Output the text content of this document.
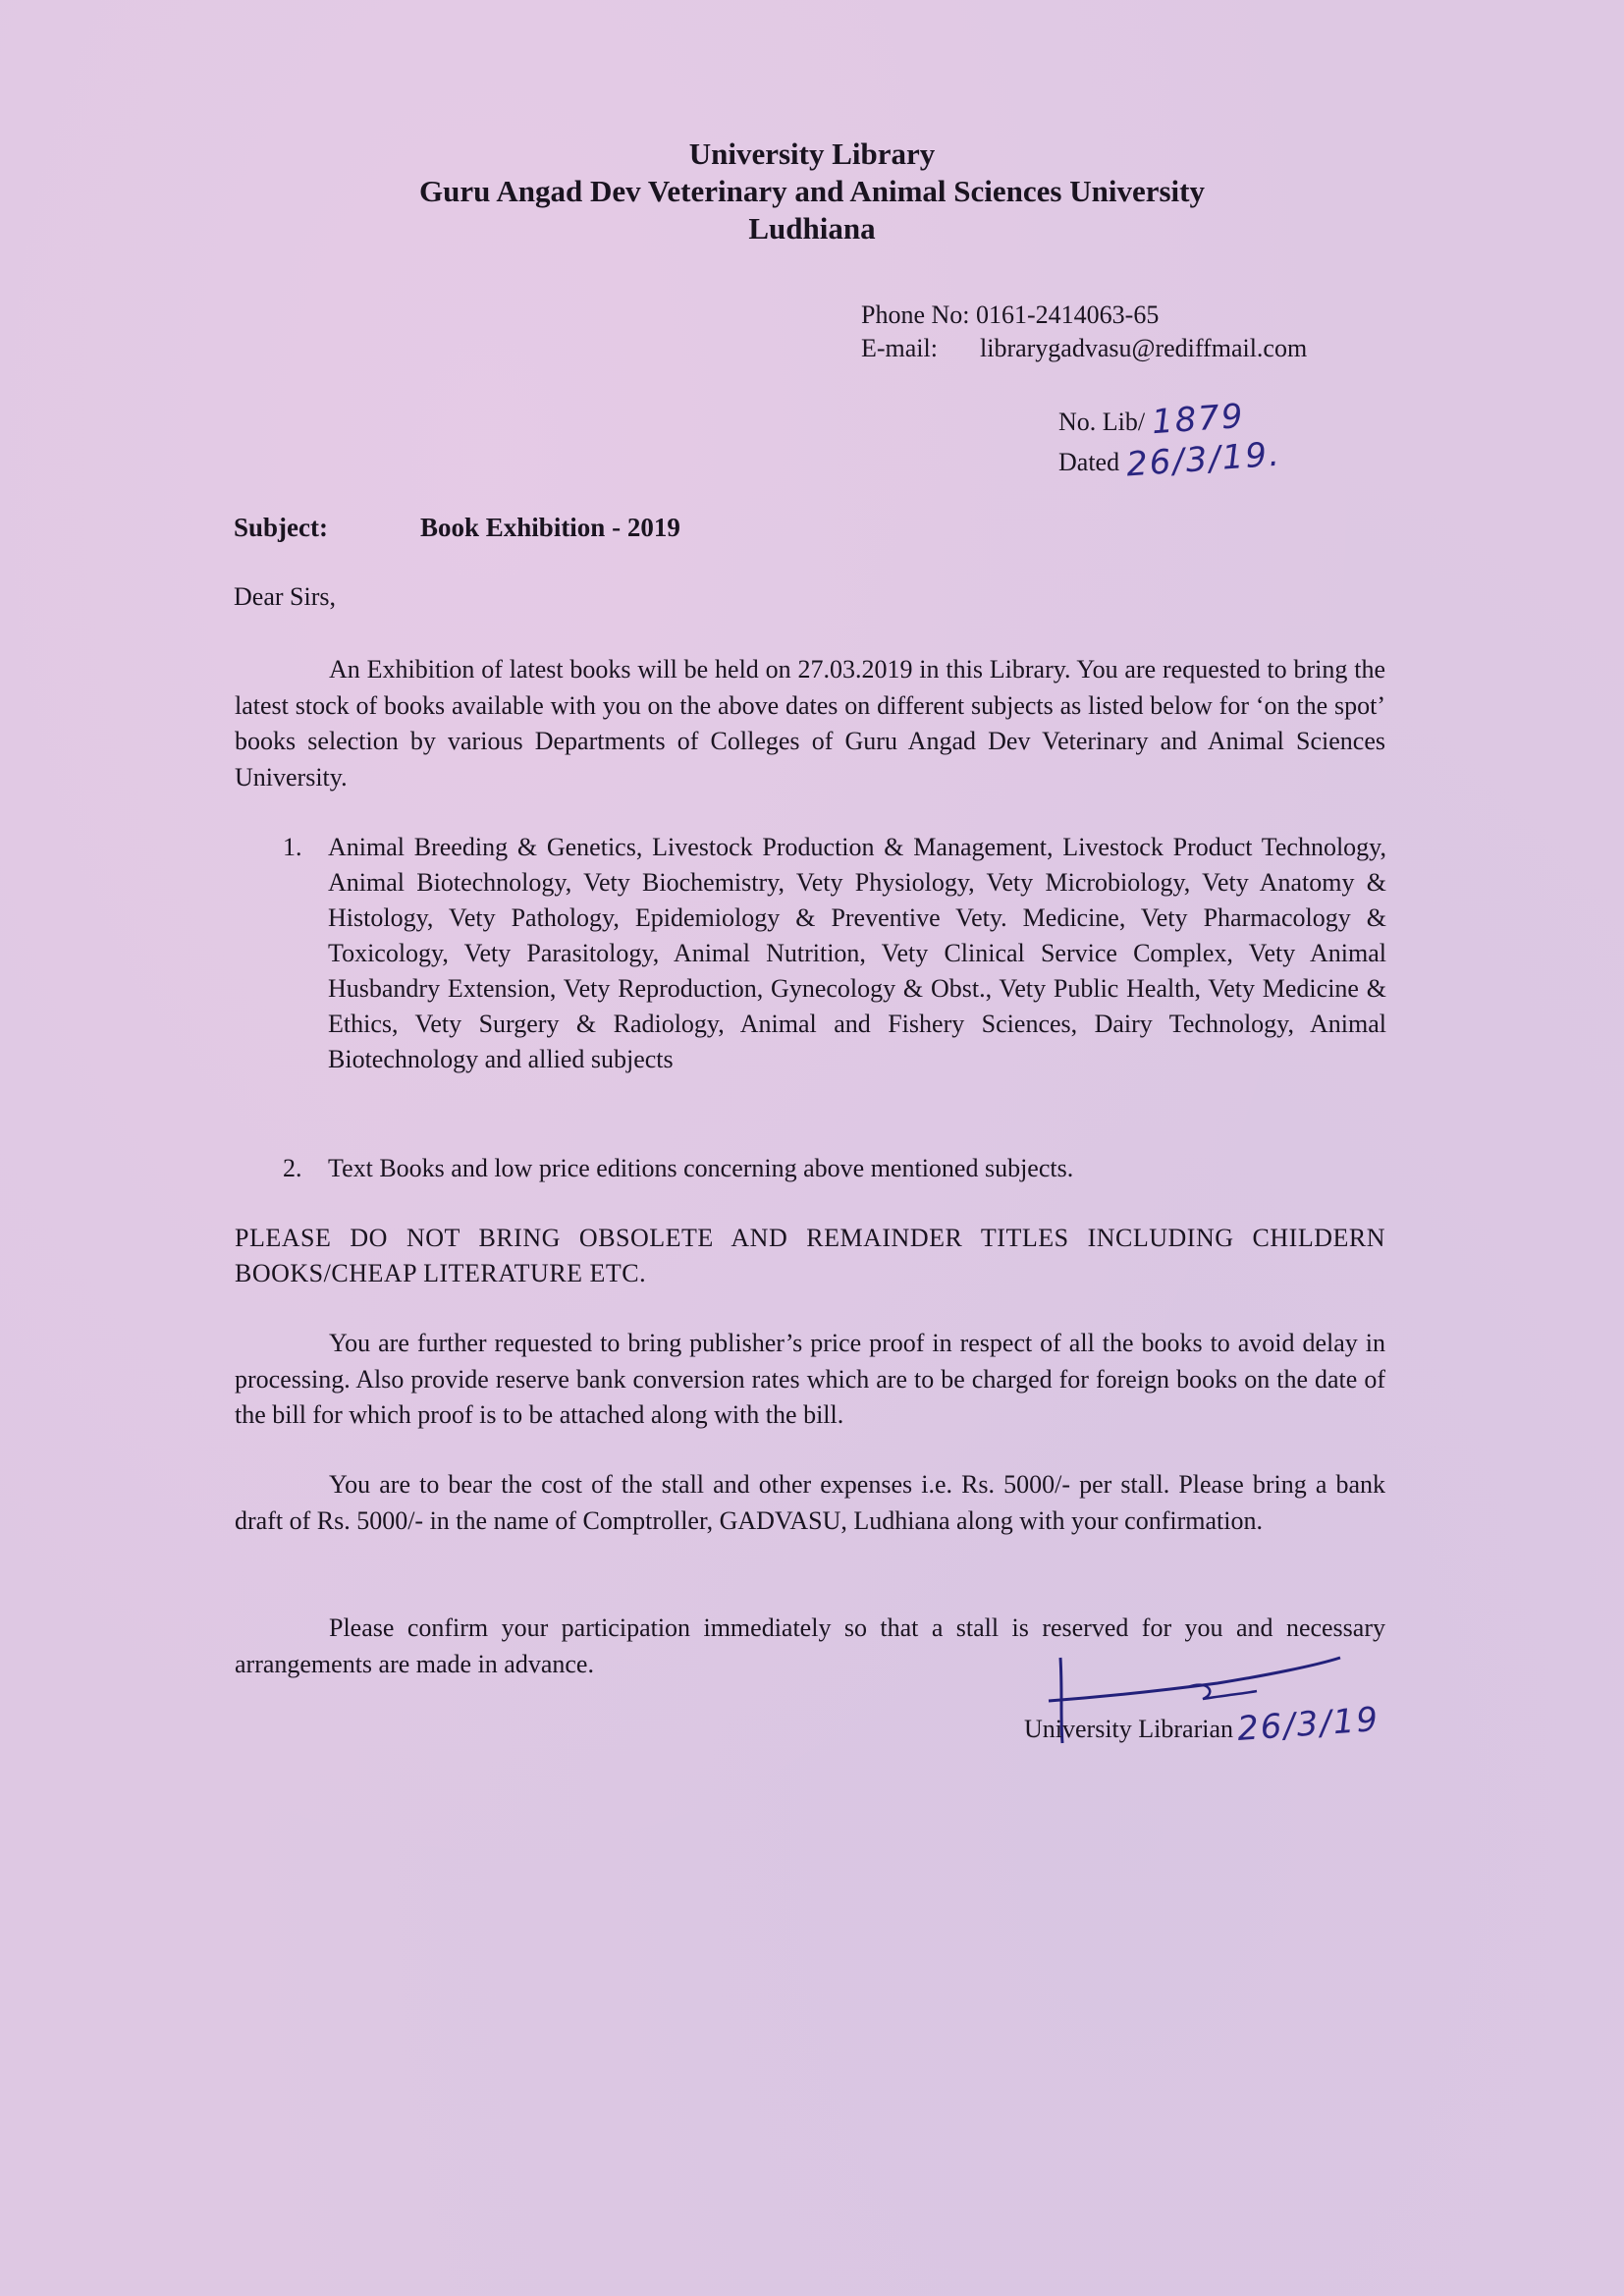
University Library
Guru Angad Dev Veterinary and Animal Sciences University
Ludhiana
Phone No: 0161-2414063-65
E-mail: librarygadvasu@rediffmail.com
No. Lib/ 1879
Dated 26/3/19.
Subject:	Book Exhibition - 2019
Dear Sirs,
An Exhibition of latest books will be held on 27.03.2019 in this Library. You are requested to bring the latest stock of books available with you on the above dates on different subjects as listed below for ‘on the spot’ books selection by various Departments of Colleges of Guru Angad Dev Veterinary and Animal Sciences University.
1. Animal Breeding & Genetics, Livestock Production & Management, Livestock Product Technology, Animal Biotechnology, Vety Biochemistry, Vety Physiology, Vety Microbiology, Vety Anatomy & Histology, Vety Pathology, Epidemiology & Preventive Vety. Medicine, Vety Pharmacology & Toxicology, Vety Parasitology, Animal Nutrition, Vety Clinical Service Complex, Vety Animal Husbandry Extension, Vety Reproduction, Gynecology & Obst., Vety Public Health, Vety Medicine & Ethics, Vety Surgery & Radiology, Animal and Fishery Sciences, Dairy Technology, Animal Biotechnology and allied subjects
2. Text Books and low price editions concerning above mentioned subjects.
PLEASE DO NOT BRING OBSOLETE AND REMAINDER TITLES INCLUDING CHILDERN BOOKS/CHEAP LITERATURE ETC.
You are further requested to bring publisher’s price proof in respect of all the books to avoid delay in processing. Also provide reserve bank conversion rates which are to be charged for foreign books on the date of the bill for which proof is to be attached along with the bill.
You are to bear the cost of the stall and other expenses i.e. Rs. 5000/- per stall. Please bring a bank draft of Rs. 5000/- in the name of Comptroller, GADVASU, Ludhiana along with your confirmation.
Please confirm your participation immediately so that a stall is reserved for you and necessary arrangements are made in advance.
University Librarian 26/3/19
